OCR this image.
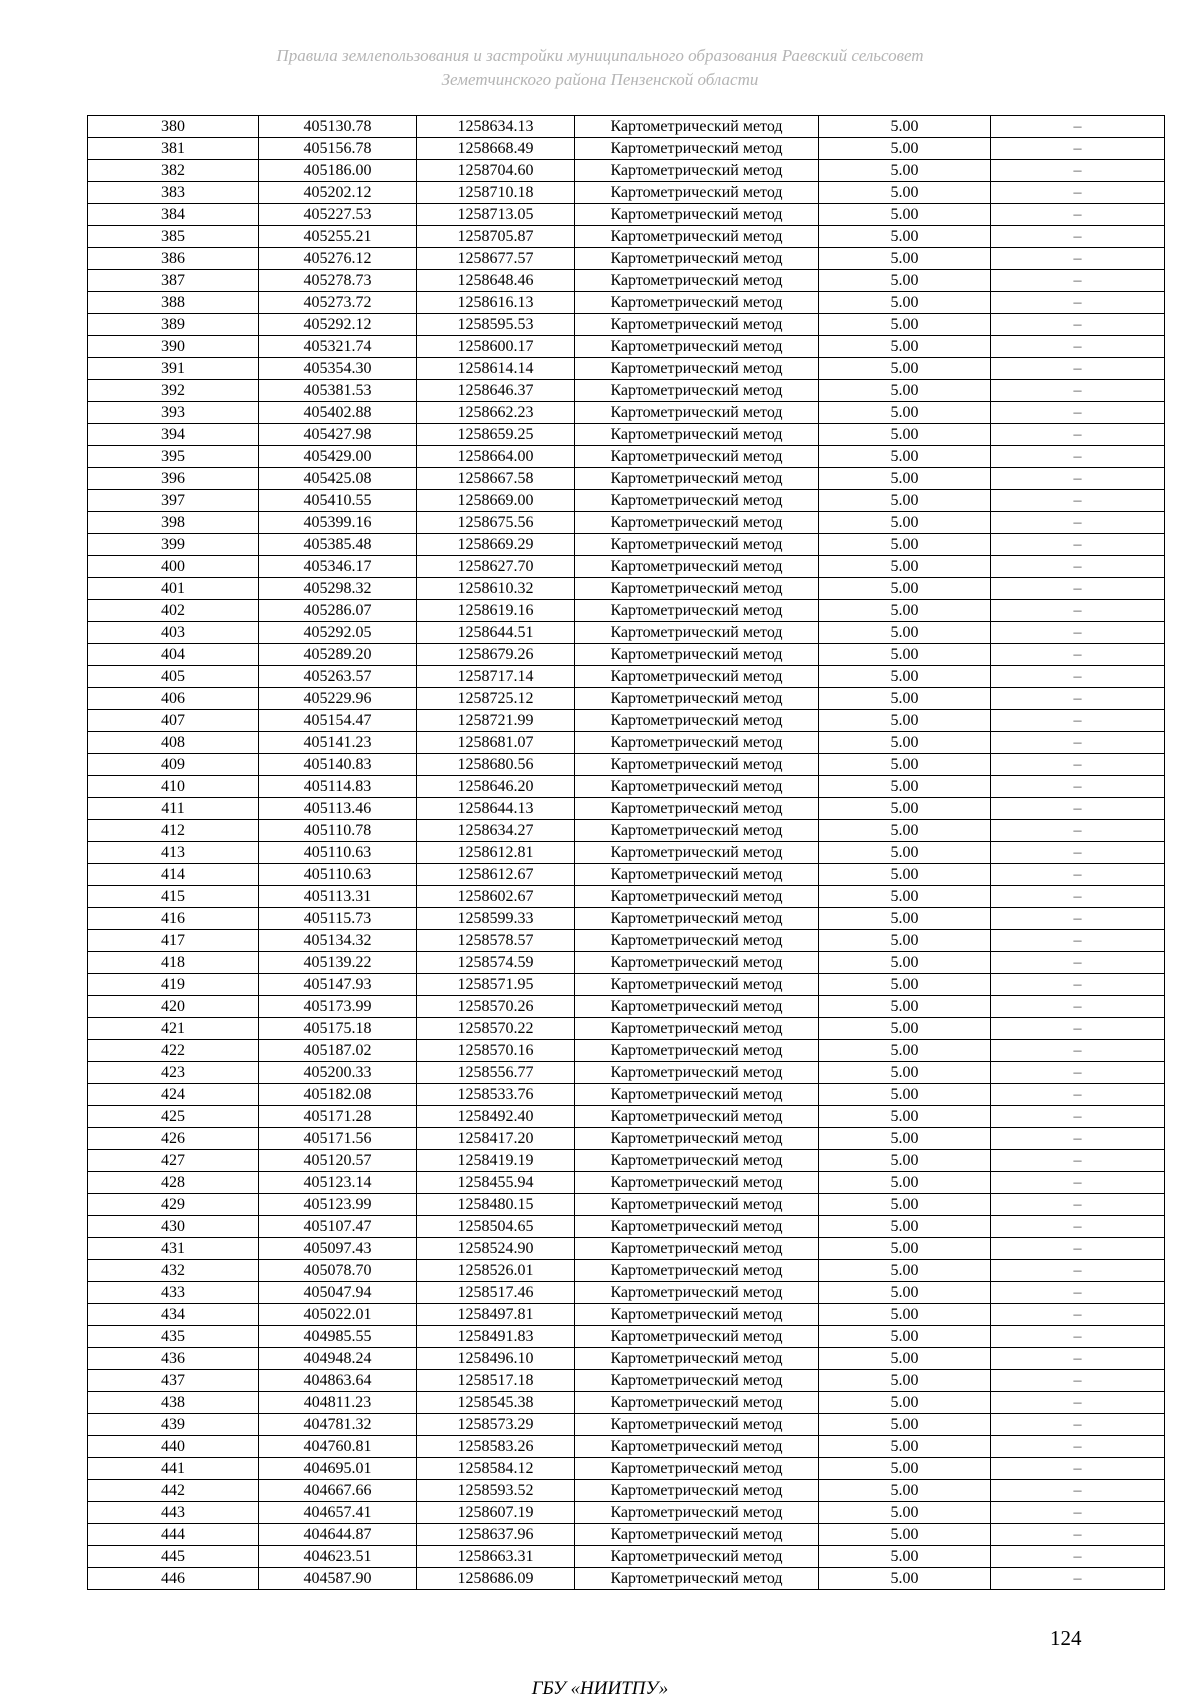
Правила землепользования и застройки муниципального образования Раевский сельсовет
Земетчинского района Пензенской области
380	405130.78	1258634.13	Картометрический метод	5.00	–
381	405156.78	1258668.49	Картометрический метод	5.00	–
382	405186.00	1258704.60	Картометрический метод	5.00	–
383	405202.12	1258710.18	Картометрический метод	5.00	–
384	405227.53	1258713.05	Картометрический метод	5.00	–
385	405255.21	1258705.87	Картометрический метод	5.00	–
386	405276.12	1258677.57	Картометрический метод	5.00	–
387	405278.73	1258648.46	Картометрический метод	5.00	–
388	405273.72	1258616.13	Картометрический метод	5.00	–
389	405292.12	1258595.53	Картометрический метод	5.00	–
390	405321.74	1258600.17	Картометрический метод	5.00	–
391	405354.30	1258614.14	Картометрический метод	5.00	–
392	405381.53	1258646.37	Картометрический метод	5.00	–
393	405402.88	1258662.23	Картометрический метод	5.00	–
394	405427.98	1258659.25	Картометрический метод	5.00	–
395	405429.00	1258664.00	Картометрический метод	5.00	–
396	405425.08	1258667.58	Картометрический метод	5.00	–
397	405410.55	1258669.00	Картометрический метод	5.00	–
398	405399.16	1258675.56	Картометрический метод	5.00	–
399	405385.48	1258669.29	Картометрический метод	5.00	–
400	405346.17	1258627.70	Картометрический метод	5.00	–
401	405298.32	1258610.32	Картометрический метод	5.00	–
402	405286.07	1258619.16	Картометрический метод	5.00	–
403	405292.05	1258644.51	Картометрический метод	5.00	–
404	405289.20	1258679.26	Картометрический метод	5.00	–
405	405263.57	1258717.14	Картометрический метод	5.00	–
406	405229.96	1258725.12	Картометрический метод	5.00	–
407	405154.47	1258721.99	Картометрический метод	5.00	–
408	405141.23	1258681.07	Картометрический метод	5.00	–
409	405140.83	1258680.56	Картометрический метод	5.00	–
410	405114.83	1258646.20	Картометрический метод	5.00	–
411	405113.46	1258644.13	Картометрический метод	5.00	–
412	405110.78	1258634.27	Картометрический метод	5.00	–
413	405110.63	1258612.81	Картометрический метод	5.00	–
414	405110.63	1258612.67	Картометрический метод	5.00	–
415	405113.31	1258602.67	Картометрический метод	5.00	–
416	405115.73	1258599.33	Картометрический метод	5.00	–
417	405134.32	1258578.57	Картометрический метод	5.00	–
418	405139.22	1258574.59	Картометрический метод	5.00	–
419	405147.93	1258571.95	Картометрический метод	5.00	–
420	405173.99	1258570.26	Картометрический метод	5.00	–
421	405175.18	1258570.22	Картометрический метод	5.00	–
422	405187.02	1258570.16	Картометрический метод	5.00	–
423	405200.33	1258556.77	Картометрический метод	5.00	–
424	405182.08	1258533.76	Картометрический метод	5.00	–
425	405171.28	1258492.40	Картометрический метод	5.00	–
426	405171.56	1258417.20	Картометрический метод	5.00	–
427	405120.57	1258419.19	Картометрический метод	5.00	–
428	405123.14	1258455.94	Картометрический метод	5.00	–
429	405123.99	1258480.15	Картометрический метод	5.00	–
430	405107.47	1258504.65	Картометрический метод	5.00	–
431	405097.43	1258524.90	Картометрический метод	5.00	–
432	405078.70	1258526.01	Картометрический метод	5.00	–
433	405047.94	1258517.46	Картометрический метод	5.00	–
434	405022.01	1258497.81	Картометрический метод	5.00	–
435	404985.55	1258491.83	Картометрический метод	5.00	–
436	404948.24	1258496.10	Картометрический метод	5.00	–
437	404863.64	1258517.18	Картометрический метод	5.00	–
438	404811.23	1258545.38	Картометрический метод	5.00	–
439	404781.32	1258573.29	Картометрический метод	5.00	–
440	404760.81	1258583.26	Картометрический метод	5.00	–
441	404695.01	1258584.12	Картометрический метод	5.00	–
442	404667.66	1258593.52	Картометрический метод	5.00	–
443	404657.41	1258607.19	Картометрический метод	5.00	–
444	404644.87	1258637.96	Картометрический метод	5.00	–
445	404623.51	1258663.31	Картометрический метод	5.00	–
446	404587.90	1258686.09	Картометрический метод	5.00	–
124
ГБУ «НИИТПУ»
